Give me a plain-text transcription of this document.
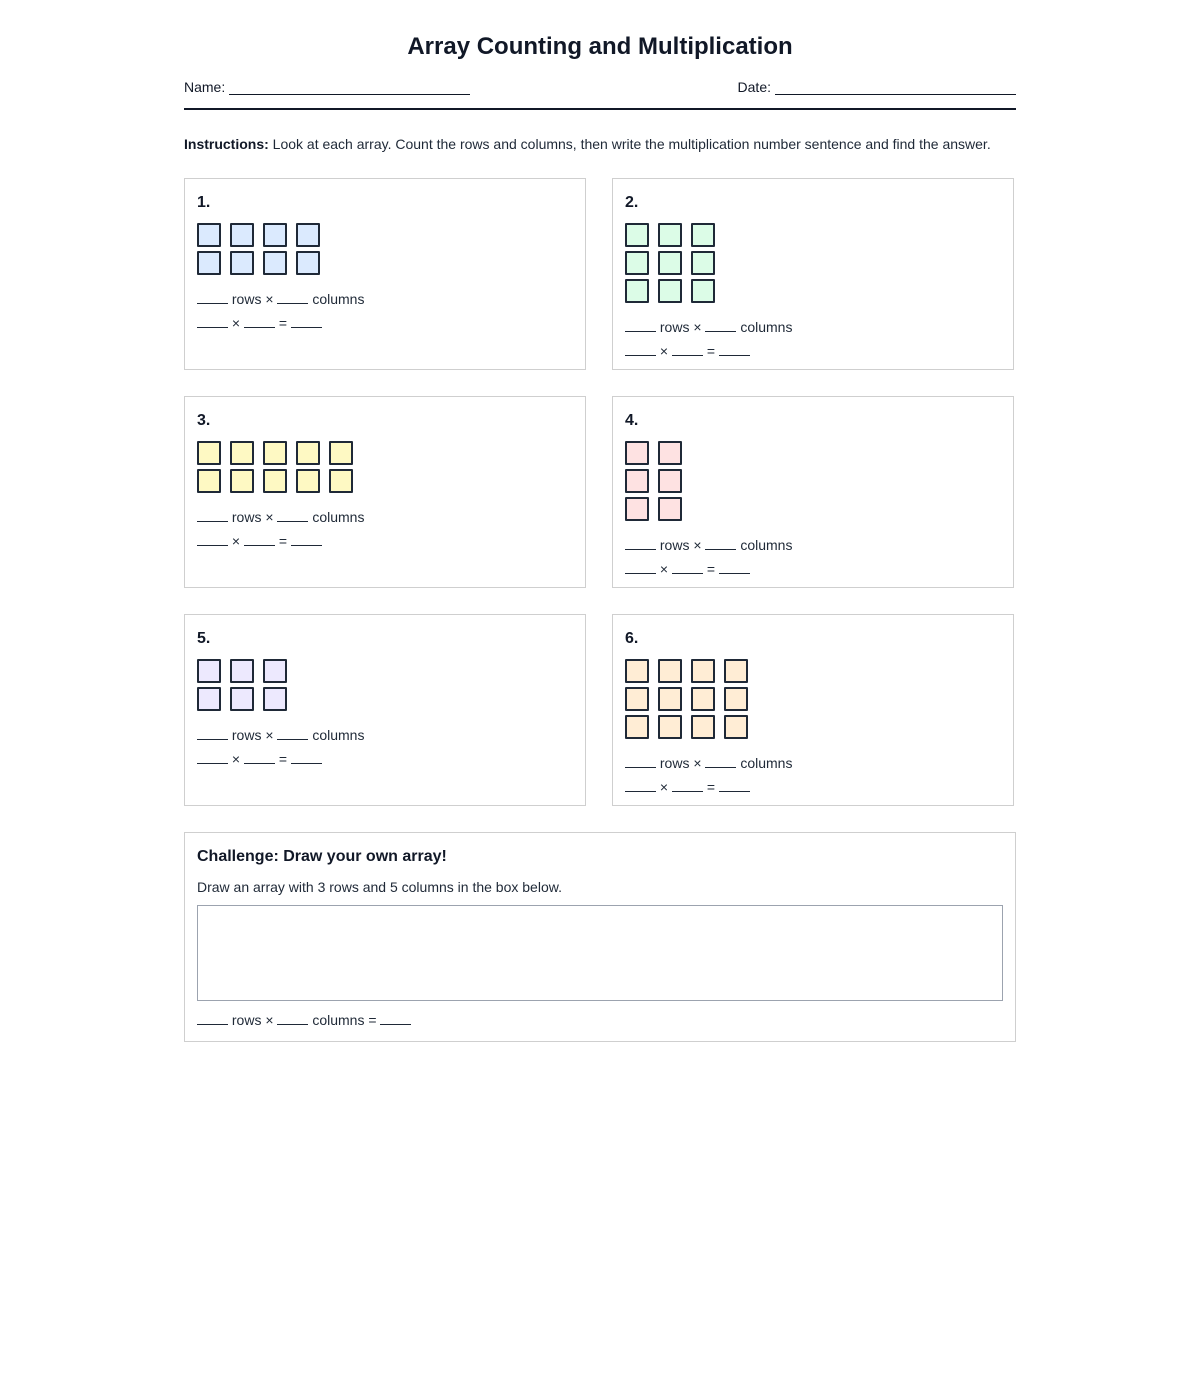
Array Counting and Multiplication
Name:	Date:
Instructions: Look at each array. Count the rows and columns, then write the multiplication number sentence and find the answer.
1.
rows ×	columns
×	=
2.
rows ×	columns
×	=
3.
rows ×	columns
×	=
4.
rows ×	columns
×	=
5.
rows ×	columns
×	=
6.
rows ×	columns
×	=
Challenge: Draw your own array!
Draw an array with 3 rows and 5 columns in the box below.
rows ×	columns =
